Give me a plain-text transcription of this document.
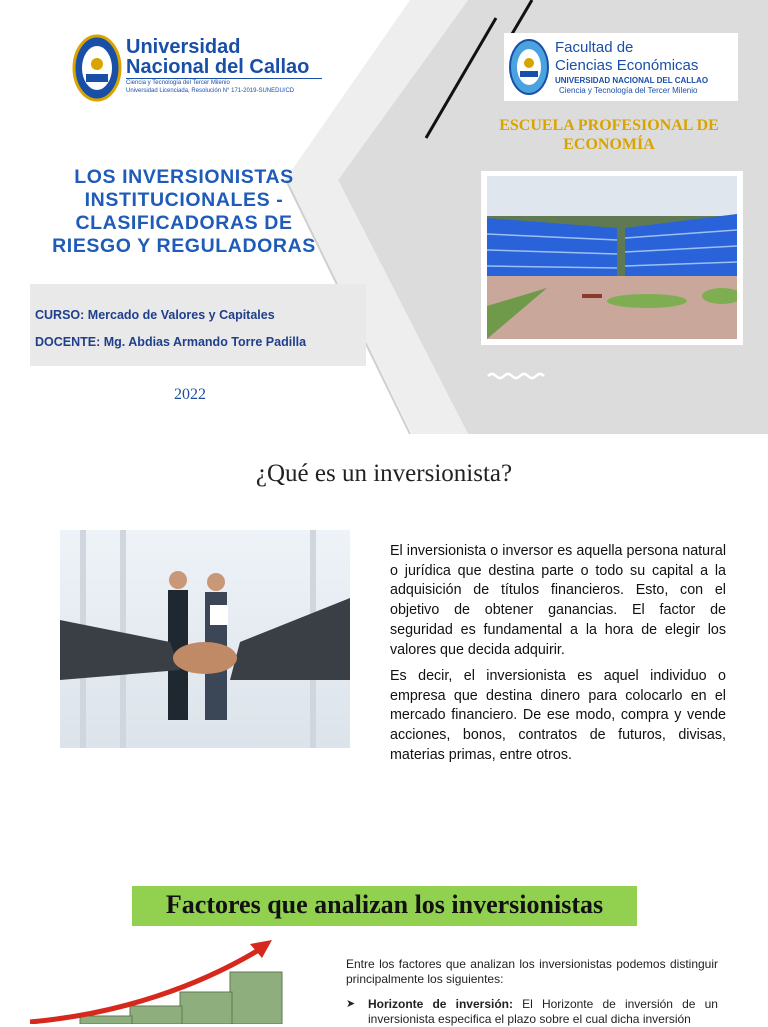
Universidad
Nacional del Callao
Ciencia y Tecnología del Tercer Milenio
Universidad Licenciada, Resolución N° 171-2019-SUNEDU/CD
Facultad de
Ciencias Económicas
UNIVERSIDAD NACIONAL DEL CALLAO
Ciencia y Tecnología del Tercer Milenio
ESCUELA PROFESIONAL DE
ECONOMÍA
LOS INVERSIONISTAS
INSTITUCIONALES -
CLASIFICADORAS DE
RIESGO Y REGULADORAS
CURSO: Mercado de Valores y Capitales
DOCENTE: Mg. Abdias Armando Torre Padilla
2022
¿Qué es un inversionista?

El inversionista o inversor es aquella persona natural o jurídica que destina parte o todo su capital a la adquisición de títulos financieros. Esto, con el objetivo de obtener ganancias. El factor de seguridad es fundamental a la hora de elegir los valores que decida adquirir.

Es decir, el inversionista es aquel individuo o empresa que destina dinero para colocarlo en el mercado financiero. De ese modo, compra y vende acciones, bonos, contratos de futuros, divisas, materias primas, entre otros.

Factores que analizan los inversionistas

Entre los factores que analizan los inversionistas podemos distinguir principalmente los siguientes:

➤ Horizonte de inversión: El Horizonte de inversión de un inversionista especifica el plazo sobre el cual dicha inversión
